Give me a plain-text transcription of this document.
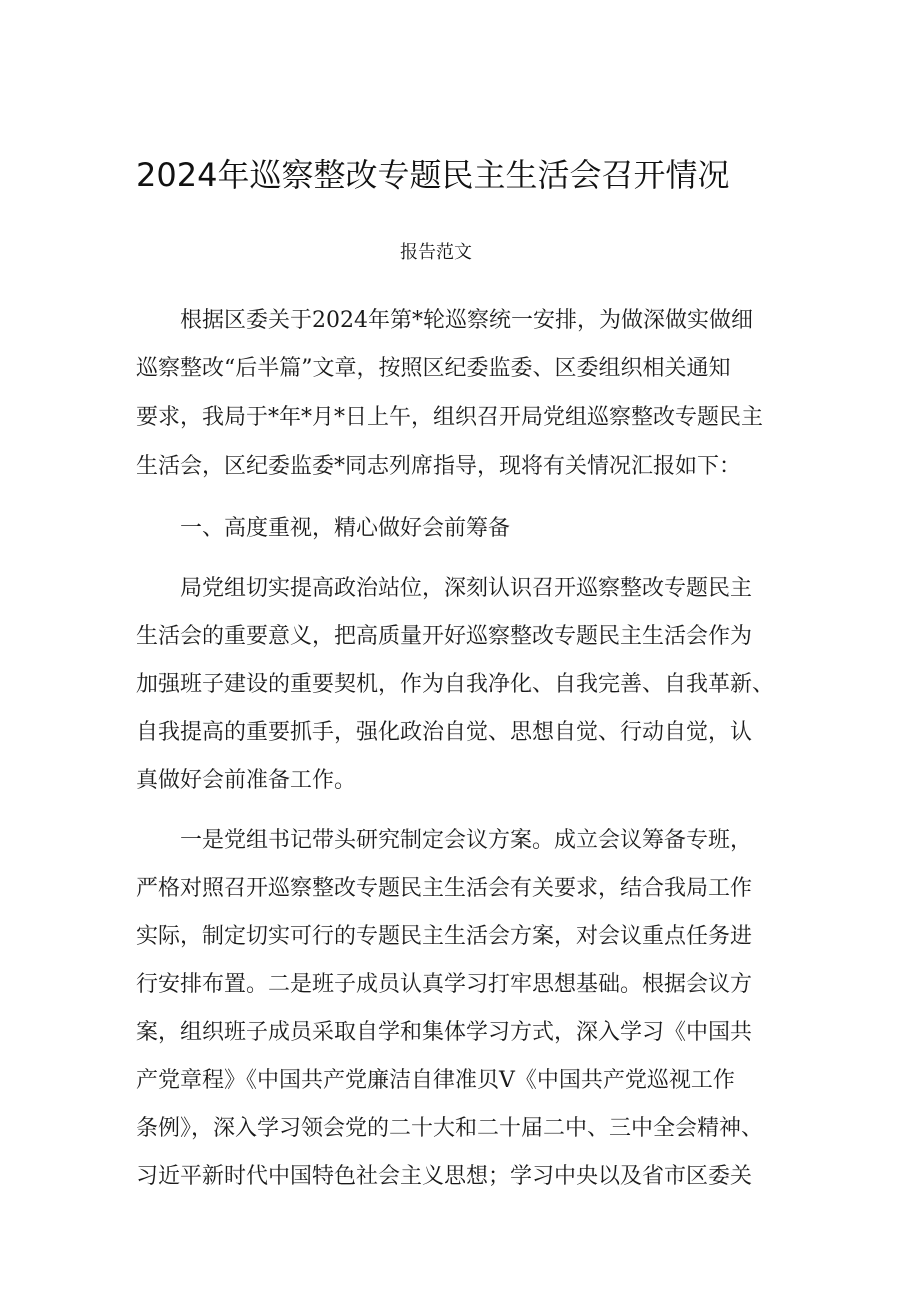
2024年巡察整改专题民主生活会召开情况
报告范文
根据区委关于2024年第*轮巡察统一安排，为做深做实做细
巡察整改“后半篇”文章，按照区纪委监委、区委组织相关通知
要求，我局于*年*月*日上午，组织召开局党组巡察整改专题民主
生活会，区纪委监委*同志列席指导，现将有关情况汇报如下：
一、高度重视，精心做好会前筹备
局党组切实提高政治站位，深刻认识召开巡察整改专题民主
生活会的重要意义，把高质量开好巡察整改专题民主生活会作为
加强班子建设的重要契机，作为自我净化、自我完善、自我革新、
自我提高的重要抓手，强化政治自觉、思想自觉、行动自觉，认
真做好会前准备工作。
一是党组书记带头研究制定会议方案。成立会议筹备专班，
严格对照召开巡察整改专题民主生活会有关要求，结合我局工作
实际，制定切实可行的专题民主生活会方案，对会议重点任务进
行安排布置。二是班子成员认真学习打牢思想基础。根据会议方
案，组织班子成员采取自学和集体学习方式，深入学习《中国共
产党章程》《中国共产党廉洁自律准贝V《中国共产党巡视工作
条例》，深入学习领会党的二十大和二十届二中、三中全会精神、
习近平新时代中国特色社会主义思想；学习中央以及省市区委关
